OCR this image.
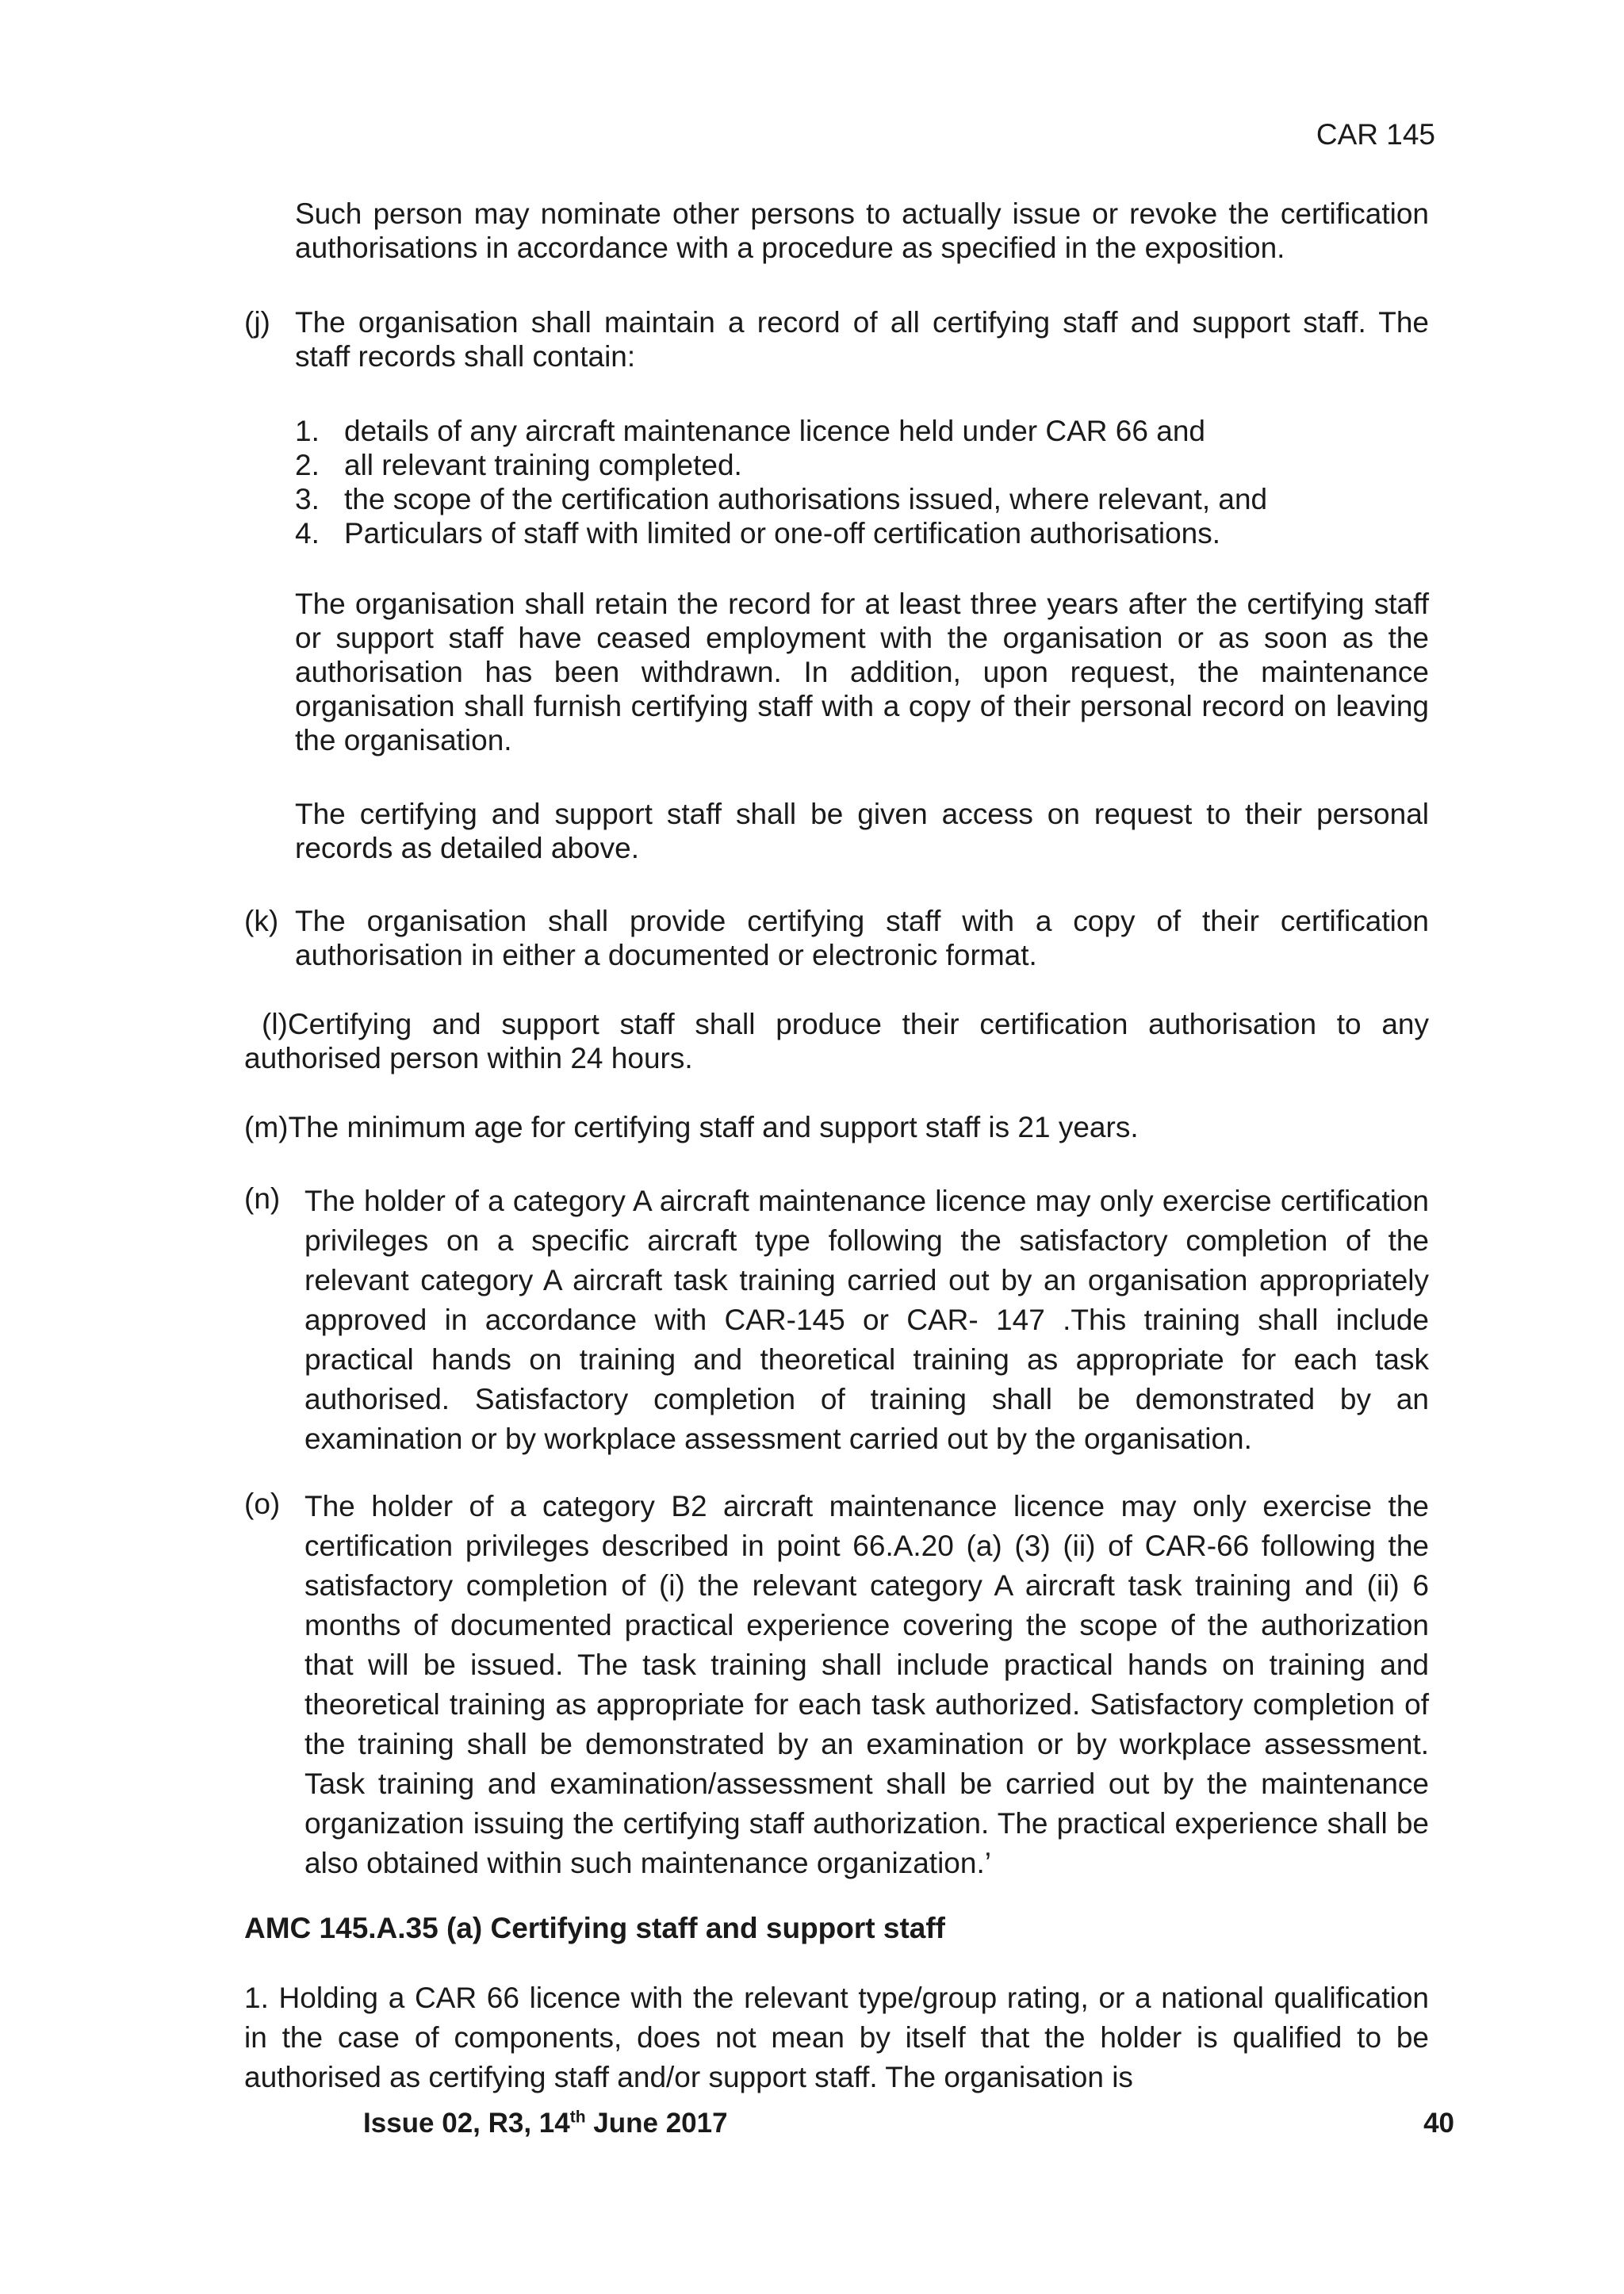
CAR 145
Such person may nominate other persons to actually issue or revoke the certification authorisations in accordance with a procedure as specified in the exposition.
(j) The organisation shall maintain a record of all certifying staff and support staff. The staff records shall contain:
1. details of any aircraft maintenance licence held under CAR 66 and
2. all relevant training completed.
3. the scope of the certification authorisations issued, where relevant, and
4. Particulars of staff with limited or one-off certification authorisations.
The organisation shall retain the record for at least three years after the certifying staff or support staff have ceased employment with the organisation or as soon as the authorisation has been withdrawn. In addition, upon request, the maintenance organisation shall furnish certifying staff with a copy of their personal record on leaving the organisation.
The certifying and support staff shall be given access on request to their personal records as detailed above.
(k) The organisation shall provide certifying staff with a copy of their certification authorisation in either a documented or electronic format.
(l)Certifying and support staff shall produce their certification authorisation to any authorised person within 24 hours.
(m)The minimum age for certifying staff and support staff is 21 years.
(n) The holder of a category A aircraft maintenance licence may only exercise certification privileges on a specific aircraft type following the satisfactory completion of the relevant category A aircraft task training carried out by an organisation appropriately approved in accordance with CAR-145 or CAR- 147 .This training shall include practical hands on training and theoretical training as appropriate for each task authorised. Satisfactory completion of training shall be demonstrated by an examination or by workplace assessment carried out by the organisation.
(o) The holder of a category B2 aircraft maintenance licence may only exercise the certification privileges described in point 66.A.20 (a) (3) (ii) of CAR-66 following the satisfactory completion of (i) the relevant category A aircraft task training and (ii) 6 months of documented practical experience covering the scope of the authorization that will be issued. The task training shall include practical hands on training and theoretical training as appropriate for each task authorized. Satisfactory completion of the training shall be demonstrated by an examination or by workplace assessment. Task training and examination/assessment shall be carried out by the maintenance organization issuing the certifying staff authorization. The practical experience shall be also obtained within such maintenance organization.’
AMC 145.A.35 (a) Certifying staff and support staff
1. Holding a CAR 66 licence with the relevant type/group rating, or a national qualification in the case of components, does not mean by itself that the holder is qualified to be authorised as certifying staff and/or support staff. The organisation is
Issue 02, R3, 14th June 2017	40
